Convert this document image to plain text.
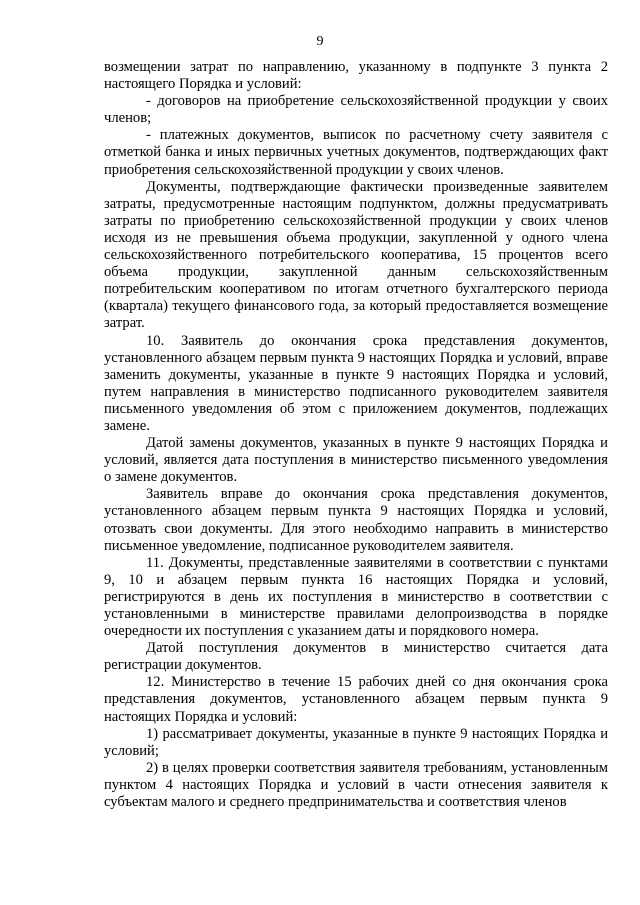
9

возмещении затрат по направлению, указанному в подпункте 3 пункта 2 настоящего Порядка и условий:

- договоров на приобретение сельскохозяйственной продукции у своих членов;

- платежных документов, выписок по расчетному счету заявителя с отметкой банка и иных первичных учетных документов, подтверждающих факт приобретения сельскохозяйственной продукции у своих членов.

Документы, подтверждающие фактически произведенные заявителем затраты, предусмотренные настоящим подпунктом, должны предусматривать затраты по приобретению сельскохозяйственной продукции у своих членов исходя из не превышения объема продукции, закупленной у одного члена сельскохозяйственного потребительского кооператива, 15 процентов всего объема продукции, закупленной данным сельскохозяйственным потребительским кооперативом по итогам отчетного бухгалтерского периода (квартала) текущего финансового года, за который предоставляется возмещение затрат.

10. Заявитель до окончания срока представления документов, установленного абзацем первым пункта 9 настоящих Порядка и условий, вправе заменить документы, указанные в пункте 9 настоящих Порядка и условий, путем направления в министерство подписанного руководителем заявителя письменного уведомления об этом с приложением документов, подлежащих замене.

Датой замены документов, указанных в пункте 9 настоящих Порядка и условий, является дата поступления в министерство письменного уведомления о замене документов.

Заявитель вправе до окончания срока представления документов, установленного абзацем первым пункта 9 настоящих Порядка и условий, отозвать свои документы. Для этого необходимо направить в министерство письменное уведомление, подписанное руководителем заявителя.

11. Документы, представленные заявителями в соответствии с пунктами 9, 10 и абзацем первым пункта 16 настоящих Порядка и условий, регистрируются в день их поступления в министерство в соответствии с установленными в министерстве правилами делопроизводства в порядке очередности их поступления с указанием даты и порядкового номера.

Датой поступления документов в министерство считается дата регистрации документов.

12. Министерство в течение 15 рабочих дней со дня окончания срока представления документов, установленного абзацем первым пункта 9 настоящих Порядка и условий:

1) рассматривает документы, указанные в пункте 9 настоящих Порядка и условий;

2) в целях проверки соответствия заявителя требованиям, установленным пунктом 4 настоящих Порядка и условий в части отнесения заявителя к субъектам малого и среднего предпринимательства и соответствия членов
